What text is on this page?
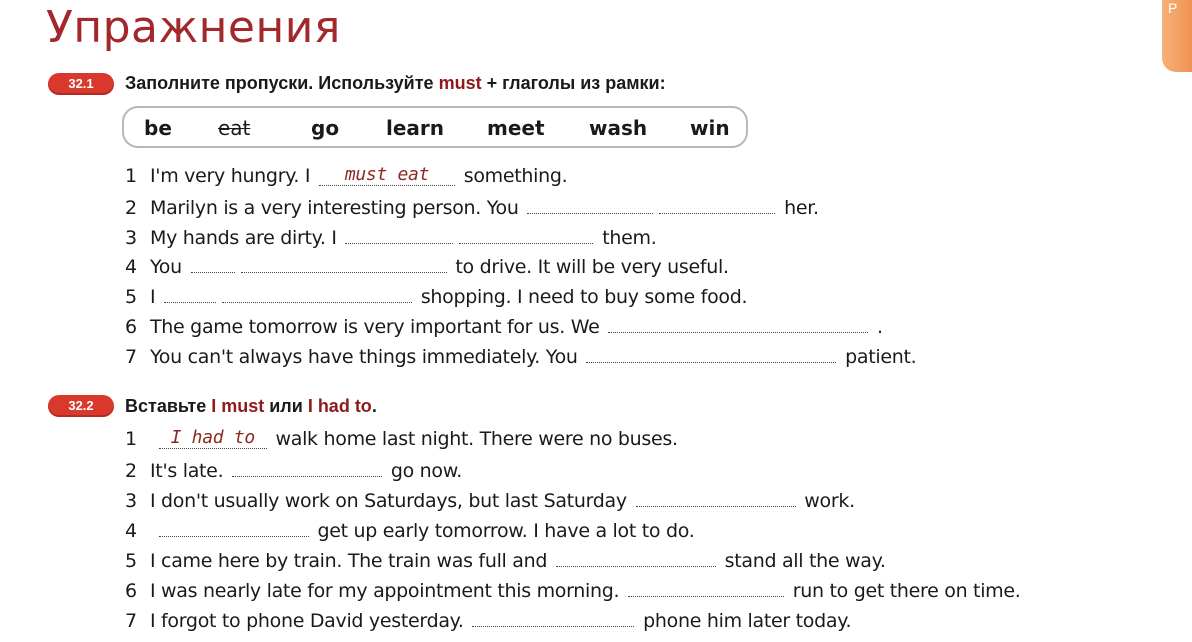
Упражнения	P
32.1	Заполните пропуски. Используйте must + глаголы из рамки:
be eat	go learn meet wash win
1 I'm very hungry. I must eat something.
2 Marilyn is a very interesting person. You	her.
3 My hands are dirty. I	them.
4 You	to drive. It will be very useful.
5 I	shopping. I need to buy some food.
6 The game tomorrow is very important for us. We	.
7 You can't always have things immediately. You	patient.
32.2	Вставьте I must или I had to.
1 I had to walk home last night. There were no buses.
2 It's late.	go now.
3 I don't usually work on Saturdays, but last Saturday	work.
4	get up early tomorrow. I have a lot to do.
5 I came here by train. The train was full and	stand all the way.
6 I was nearly late for my appointment this morning.	run to get there on time.
7 I forgot to phone David yesterday.	phone him later today.
